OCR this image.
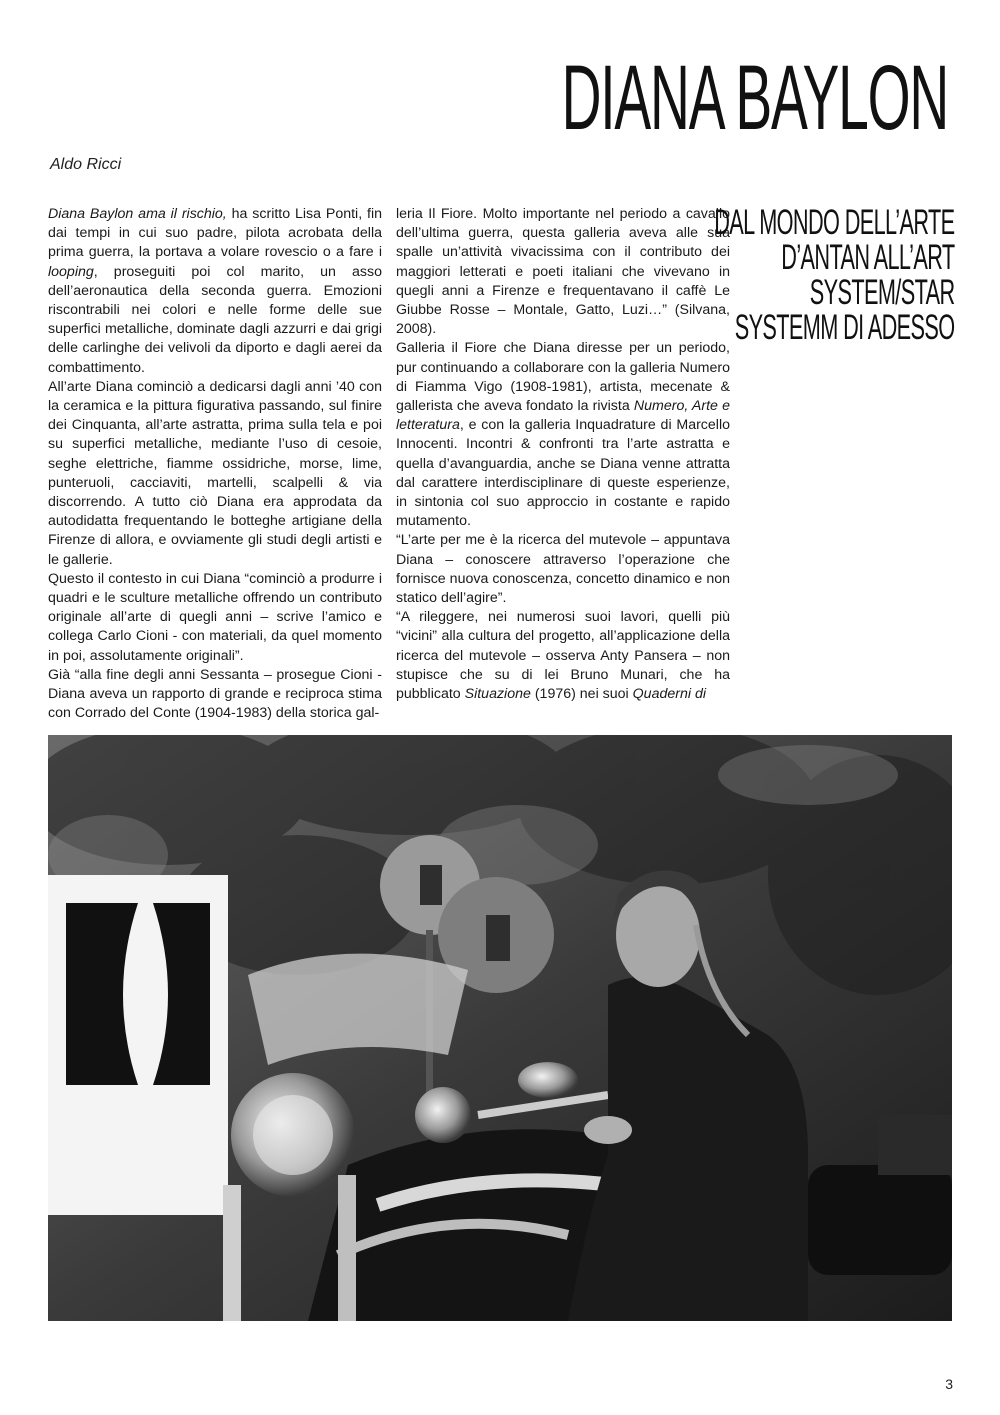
DIANA BAYLON
Aldo Ricci

Diana Baylon ama il rischio, ha scritto Lisa Ponti, fin dai tempi in cui suo padre, pilota acrobata della prima guerra, la portava a volare rovescio o a fare i looping, proseguiti poi col marito, un asso dell’aeronautica della seconda guerra. Emozioni riscontrabili nei colori e nelle forme delle sue superfici metalliche, dominate dagli azzurri e dai grigi delle carlinghe dei velivoli da diporto e dagli aerei da combattimento.

All’arte Diana cominciò a dedicarsi dagli anni ’40 con la ceramica e la pittura figurativa passando, sul finire dei Cinquanta, all’arte astratta, prima sulla tela e poi su superfici metalliche, mediante l’uso di cesoie, seghe elettriche, fiamme ossidriche, morse, lime, punteruoli, cacciaviti, martelli, scalpelli & via discorrendo. A tutto ciò Diana era approdata da autodidatta frequentando le botteghe artigiane della Firenze di allora, e ovviamente gli studi degli artisti e le gallerie.

Questo il contesto in cui Diana “cominciò a produrre i quadri e le sculture metalliche offrendo un contributo originale all’arte di quegli anni – scrive l’amico e collega Carlo Cioni - con materiali, da quel momento in poi, assolutamente originali”.

Già “alla fine degli anni Sessanta – prosegue Cioni - Diana aveva un rapporto di grande e reciproca stima con Corrado del Conte (1904-1983) della storica gal-

leria Il Fiore. Molto importante nel periodo a cavallo dell’ultima guerra, questa galleria aveva alle sua spalle un’attività vivacissima con il contributo dei maggiori letterati e poeti italiani che vivevano in quegli anni a Firenze e frequentavano il caffè Le Giubbe Rosse – Montale, Gatto, Luzi…” (Silvana, 2008).

Galleria il Fiore che Diana diresse per un periodo, pur continuando a collaborare con la galleria Numero di Fiamma Vigo (1908-1981), artista, mecenate & gallerista che aveva fondato la rivista Numero, Arte e letteratura, e con la galleria Inquadrature di Marcello Innocenti. Incontri & confronti tra l’arte astratta e quella d’avanguardia, anche se Diana venne attratta dal carattere interdisciplinare di queste esperienze, in sintonia col suo approccio in costante e rapido mutamento.

“L’arte per me è la ricerca del mutevole – appuntava Diana – conoscere attraverso l’operazione che fornisce nuova conoscenza, concetto dinamico e non statico dell’agire”.

“A rileggere, nei numerosi suoi lavori, quelli più “vicini” alla cultura del progetto, all’applicazione della ricerca del mutevole – osserva Anty Pansera – non stupisce che su di lei Bruno Munari, che ha pubblicato Situazione (1976) nei suoi Quaderni di

DAL MONDO DELL’ARTE
D’ANTAN ALL’ART
SYSTEM/STAR
SYSTEMM DI ADESSO
3
